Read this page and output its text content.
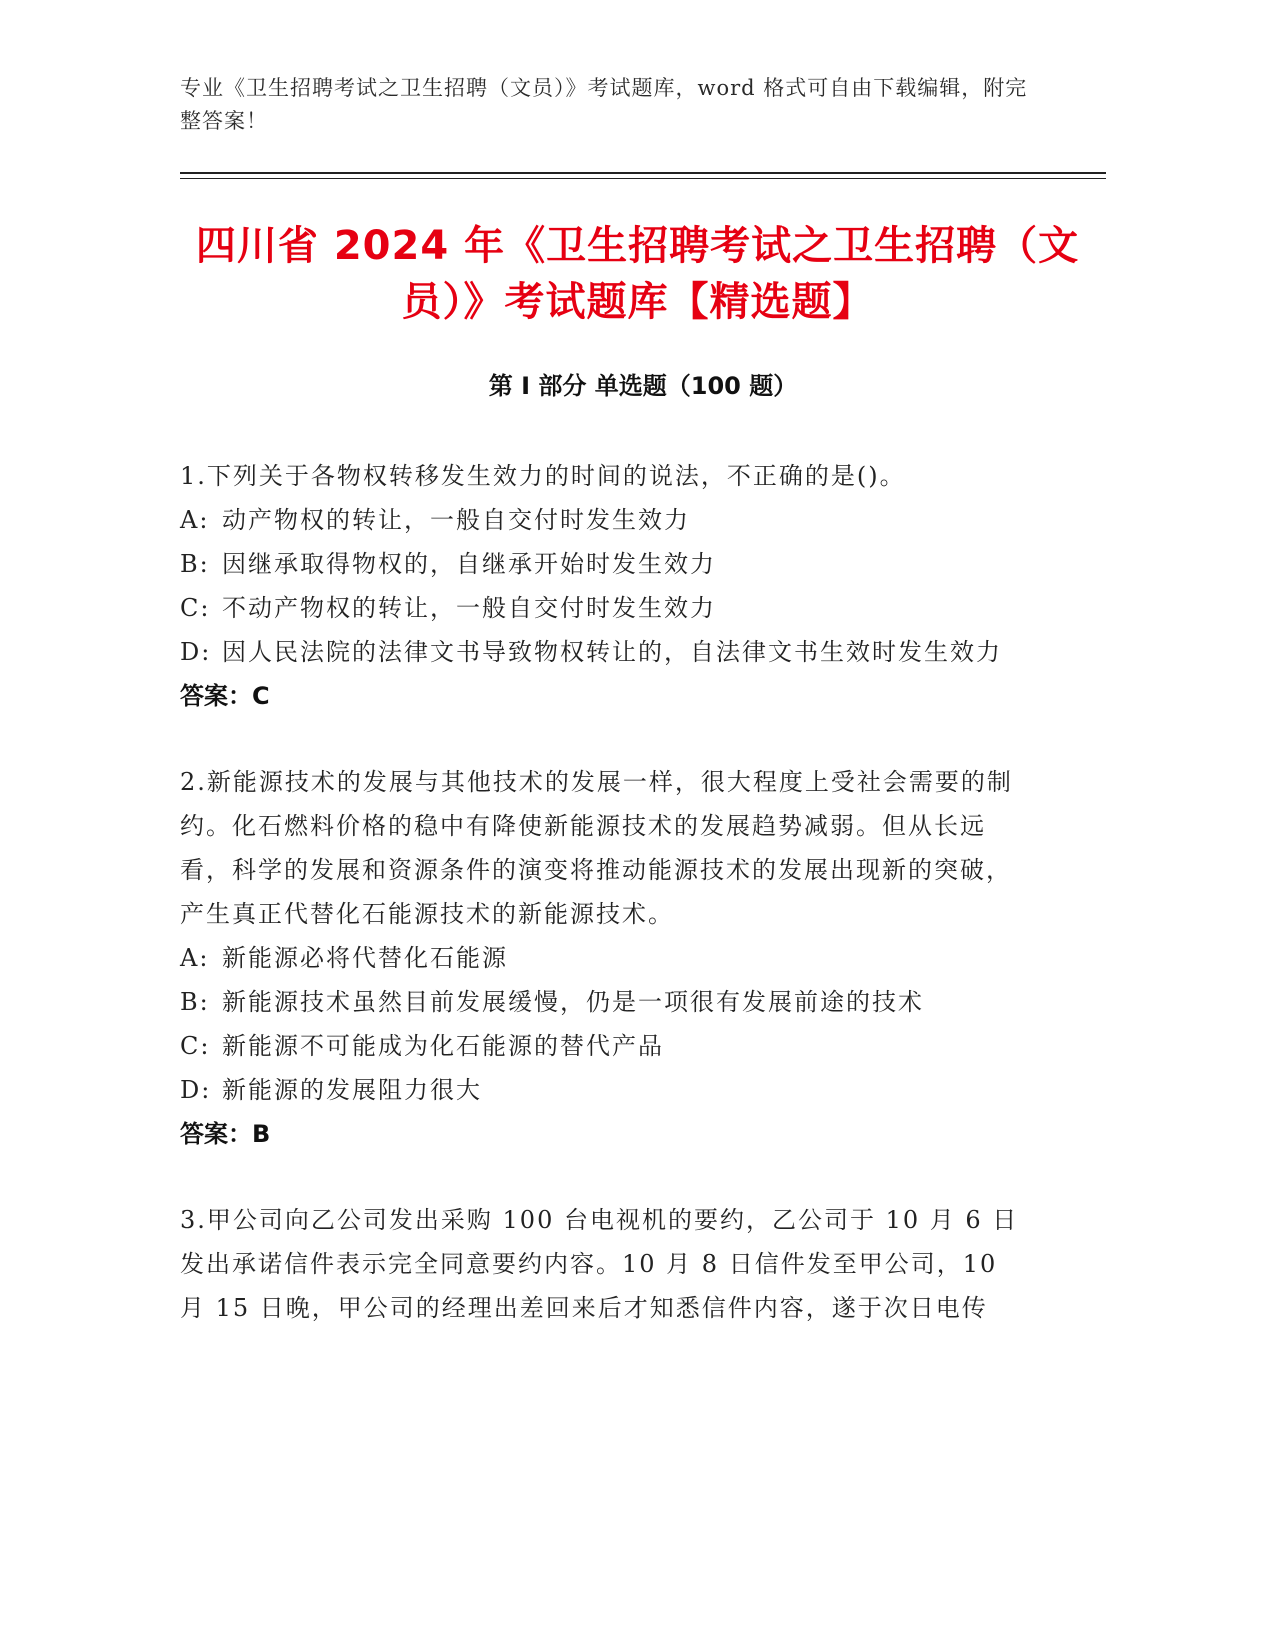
专业《卫生招聘考试之卫生招聘（文员）》考试题库，word 格式可自由下载编辑，附完整答案！
四川省 2024 年《卫生招聘考试之卫生招聘（文员）》考试题库【精选题】
第 I 部分 单选题（100 题）
1.下列关于各物权转移发生效力的时间的说法，不正确的是()。
A: 动产物权的转让，一般自交付时发生效力
B: 因继承取得物权的，自继承开始时发生效力
C: 不动产物权的转让，一般自交付时发生效力
D: 因人民法院的法律文书导致物权转让的，自法律文书生效时发生效力
答案：C
2.新能源技术的发展与其他技术的发展一样，很大程度上受社会需要的制约。化石燃料价格的稳中有降使新能源技术的发展趋势减弱。但从长远看，科学的发展和资源条件的演变将推动能源技术的发展出现新的突破，产生真正代替化石能源技术的新能源技术。
A: 新能源必将代替化石能源
B: 新能源技术虽然目前发展缓慢，仍是一项很有发展前途的技术
C: 新能源不可能成为化石能源的替代产品
D: 新能源的发展阻力很大
答案：B
3.甲公司向乙公司发出采购 100 台电视机的要约，乙公司于 10 月 6 日发出承诺信件表示完全同意要约内容。10 月 8 日信件发至甲公司，10 月 15 日晚，甲公司的经理出差回来后才知悉信件内容，遂于次日电传
